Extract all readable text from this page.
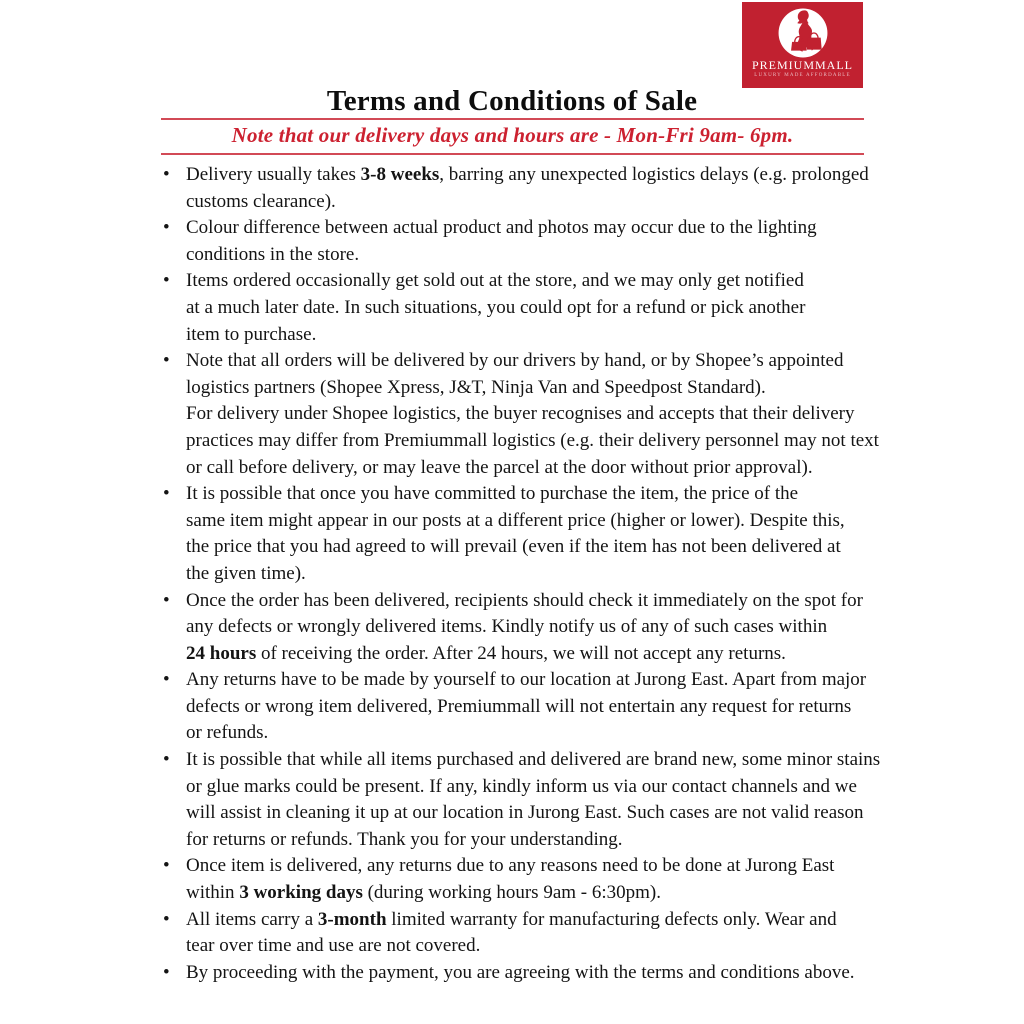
Terms and Conditions of Sale
PREMIUMMALL
LUXURY MADE AFFORDABLE
Note that our delivery days and hours are - Mon-Fri 9am- 6pm.
• Delivery usually takes 3-8 weeks, barring any unexpected logistics delays (e.g. prolonged
customs clearance).
• Colour difference between actual product and photos may occur due to the lighting
conditions in the store.
• Items ordered occasionally get sold out at the store, and we may only get notified
at a much later date. In such situations, you could opt for a refund or pick another
item to purchase.
• Note that all orders will be delivered by our drivers by hand, or by Shopee’s appointed
logistics partners (Shopee Xpress, J&T, Ninja Van and Speedpost Standard).
For delivery under Shopee logistics, the buyer recognises and accepts that their delivery
practices may differ from Premiummall logistics (e.g. their delivery personnel may not text
or call before delivery, or may leave the parcel at the door without prior approval).
• It is possible that once you have committed to purchase the item, the price of the
same item might appear in our posts at a different price (higher or lower). Despite this,
the price that you had agreed to will prevail (even if the item has not been delivered at
the given time).
• Once the order has been delivered, recipients should check it immediately on the spot for
any defects or wrongly delivered items. Kindly notify us of any of such cases within
24 hours of receiving the order. After 24 hours, we will not accept any returns.
• Any returns have to be made by yourself to our location at Jurong East. Apart from major
defects or wrong item delivered, Premiummall will not entertain any request for returns
or refunds.
• It is possible that while all items purchased and delivered are brand new, some minor stains
or glue marks could be present. If any, kindly inform us via our contact channels and we
will assist in cleaning it up at our location in Jurong East. Such cases are not valid reason
for returns or refunds. Thank you for your understanding.
• Once item is delivered, any returns due to any reasons need to be done at Jurong East
within 3 working days (during working hours 9am - 6:30pm).
• All items carry a 3-month limited warranty for manufacturing defects only. Wear and
tear over time and use are not covered.
• By proceeding with the payment, you are agreeing with the terms and conditions above.
